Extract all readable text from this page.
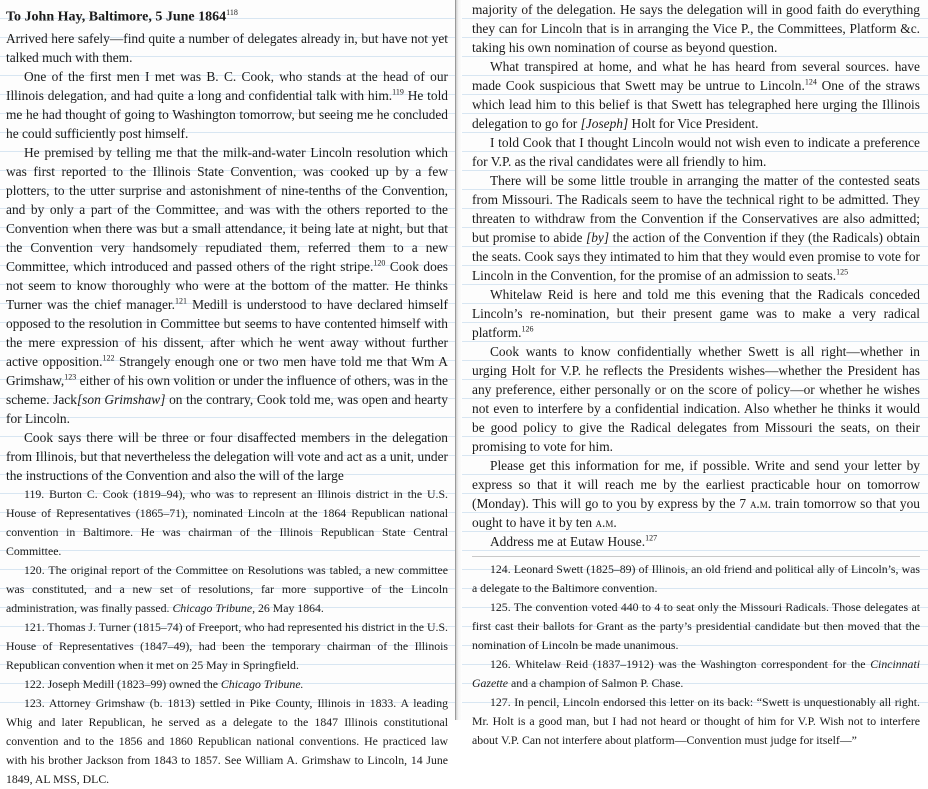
To John Hay, Baltimore, 5 June 1864$^{118}$

Arrived here safely—find quite a number of delegates already in, but have not yet talked much with them.

One of the first men I met was B. C. Cook, who stands at the head of our Illinois delegation, and had quite a long and confidential talk with him.$^{119}$ He told me he had thought of going to Washington tomorrow, but seeing me he concluded he could sufficiently post himself.

He premised by telling me that the milk-and-water Lincoln resolution which was first reported to the Illinois State Convention, was cooked up by a few plotters, to the utter surprise and astonishment of nine-tenths of the Convention, and by only a part of the Committee, and was with the others reported to the Convention when there was but a small attendance, it being late at night, but that the Convention very handsomely repudiated them, referred them to a new Committee, which introduced and passed others of the right stripe.$^{120}$ Cook does not seem to know thoroughly who were at the bottom of the matter. He thinks Turner was the chief manager.$^{121}$ Medill is understood to have declared himself opposed to the resolution in Committee but seems to have contented himself with the mere expression of his dissent, after which he went away without further active opposition.$^{122}$ Strangely enough one or two men have told me that Wm A Grimshaw,$^{123}$ either of his own volition or under the influence of others, was in the scheme. Jack[son Grimshaw] on the contrary, Cook told me, was open and hearty for Lincoln.

Cook says there will be three or four disaffected members in the delegation from Illinois, but that nevertheless the delegation will vote and act as a unit, under the instructions of the Convention and also the will of the large

119. Burton C. Cook (1819–94), who was to represent an Illinois district in the U.S. House of Representatives (1865–71), nominated Lincoln at the 1864 Republican national convention in Baltimore. He was chairman of the Illinois Republican State Central Committee.

120. The original report of the Committee on Resolutions was tabled, a new committee was constituted, and a new set of resolutions, far more supportive of the Lincoln administration, was finally passed. Chicago Tribune, 26 May 1864.

121. Thomas J. Turner (1815–74) of Freeport, who had represented his district in the U.S. House of Representatives (1847–49), had been the temporary chairman of the Illinois Republican convention when it met on 25 May in Springfield.

122. Joseph Medill (1823–99) owned the Chicago Tribune.

123. Attorney Grimshaw (b. 1813) settled in Pike County, Illinois in 1833. A leading Whig and later Republican, he served as a delegate to the 1847 Illinois constitutional convention and to the 1856 and 1860 Republican national conventions. He practiced law with his brother Jackson from 1843 to 1857. See William A. Grimshaw to Lincoln, 14 June 1849, AL MSS, DLC.

majority of the delegation. He says the delegation will in good faith do everything they can for Lincoln that is in arranging the Vice P., the Committees, Platform &c. taking his own nomination of course as beyond question.

What transpired at home, and what he has heard from several sources. have made Cook suspicious that Swett may be untrue to Lincoln.$^{124}$ One of the straws which lead him to this belief is that Swett has telegraphed here urging the Illinois delegation to go for [Joseph] Holt for Vice President.

I told Cook that I thought Lincoln would not wish even to indicate a preference for V.P. as the rival candidates were all friendly to him.

There will be some little trouble in arranging the matter of the contested seats from Missouri. The Radicals seem to have the technical right to be admitted. They threaten to withdraw from the Convention if the Conservatives are also admitted; but promise to abide [by] the action of the Convention if they (the Radicals) obtain the seats. Cook says they intimated to him that they would even promise to vote for Lincoln in the Convention, for the promise of an admission to seats.$^{125}$

Whitelaw Reid is here and told me this evening that the Radicals conceded Lincoln’s re-nomination, but their present game was to make a very radical platform.$^{126}$

Cook wants to know confidentially whether Swett is all right—whether in urging Holt for V.P. he reflects the Presidents wishes—whether the President has any preference, either personally or on the score of policy—or whether he wishes not even to interfere by a confidential indication. Also whether he thinks it would be good policy to give the Radical delegates from Missouri the seats, on their promising to vote for him.

Please get this information for me, if possible. Write and send your letter by express so that it will reach me by the earliest practicable hour on tomorrow (Monday). This will go to you by express by the 7 a.m. train tomorrow so that you ought to have it by ten a.m.

Address me at Eutaw House.$^{127}$

124. Leonard Swett (1825–89) of Illinois, an old friend and political ally of Lincoln’s, was a delegate to the Baltimore convention.

125. The convention voted 440 to 4 to seat only the Missouri Radicals. Those delegates at first cast their ballots for Grant as the party’s presidential candidate but then moved that the nomination of Lincoln be made unanimous.

126. Whitelaw Reid (1837–1912) was the Washington correspondent for the Cincinnati Gazette and a champion of Salmon P. Chase.

127. In pencil, Lincoln endorsed this letter on its back: “Swett is unquestionably all right. Mr. Holt is a good man, but I had not heard or thought of him for V.P. Wish not to interfere about V.P. Can not interfere about platform—Convention must judge for itself—”
